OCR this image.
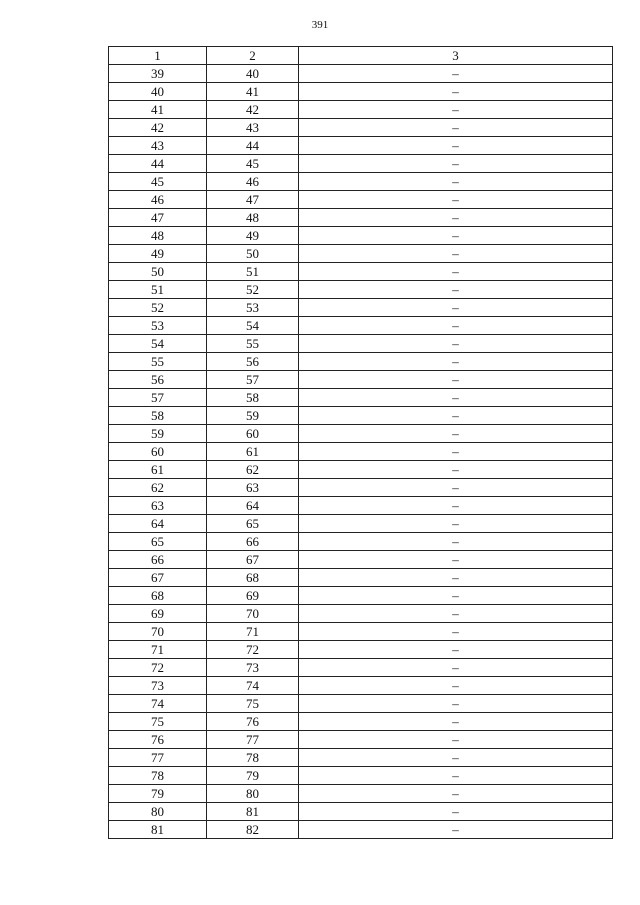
391
1	2	3
39	40	–
40	41	–
41	42	–
42	43	–
43	44	–
44	45	–
45	46	–
46	47	–
47	48	–
48	49	–
49	50	–
50	51	–
51	52	–
52	53	–
53	54	–
54	55	–
55	56	–
56	57	–
57	58	–
58	59	–
59	60	–
60	61	–
61	62	–
62	63	–
63	64	–
64	65	–
65	66	–
66	67	–
67	68	–
68	69	–
69	70	–
70	71	–
71	72	–
72	73	–
73	74	–
74	75	–
75	76	–
76	77	–
77	78	–
78	79	–
79	80	–
80	81	–
81	82	–
